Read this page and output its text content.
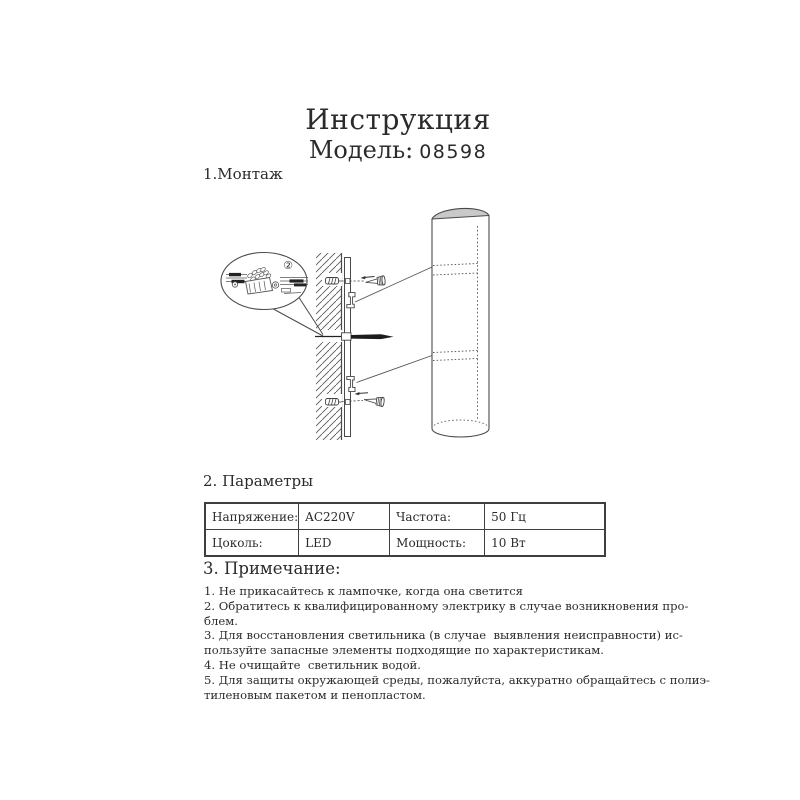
Инструкция
Модель: 08598
1.Монтаж
②
2. Параметры
Напряжение:	AC220V	Частота:	50 Гц
Цоколь:	LED	Мощность:	10 Вт
3. Примечание:
1. Не прикасайтесь к лампочке, когда она светится
2. Обратитесь к квалифицированному электрику в случае возникновения про-
блем.
3. Для восстановления светильника (в случае  выявления неисправности) ис-
пользуйте запасные элементы подходящие по характеристикам.
4. Не очищайте  светильник водой.
5. Для защиты окружающей среды, пожалуйста, аккуратно обращайтесь с полиэ-
тиленовым пакетом и пенопластом.
